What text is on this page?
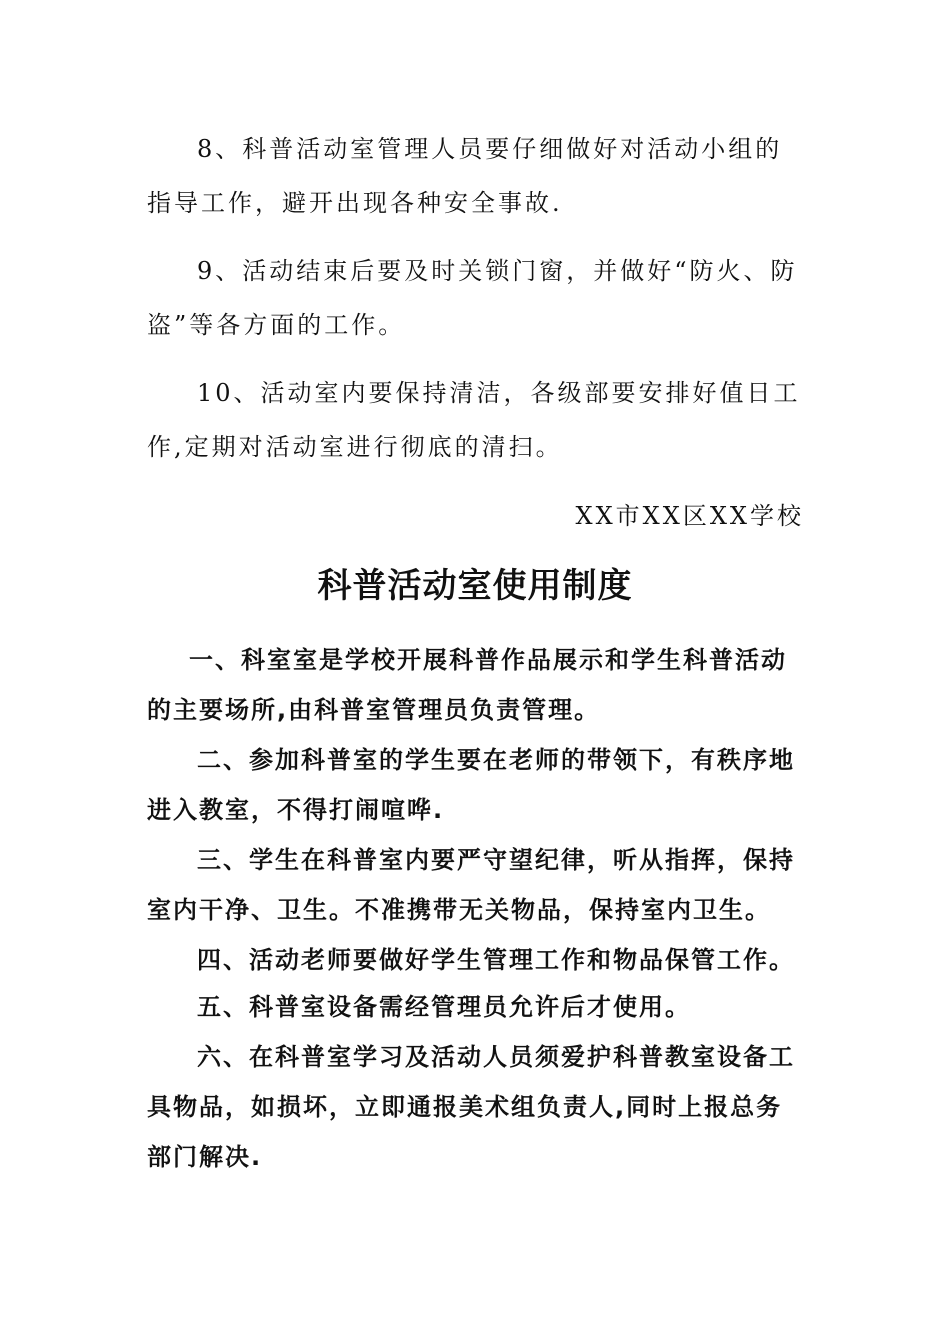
8、科普活动室管理人员要仔细做好对活动小组的指导工作，避开出现各种安全事故.

9、活动结束后要及时关锁门窗，并做好“防火、防盗”等各方面的工作。

10、活动室内要保持清洁，各级部要安排好值日工作,定期对活动室进行彻底的清扫。

XX市XX区XX学校

科普活动室使用制度

一、科室室是学校开展科普作品展示和学生科普活动的主要场所,由科普室管理员负责管理。

二、参加科普室的学生要在老师的带领下，有秩序地进入教室，不得打闹喧哗.

三、学生在科普室内要严守望纪律，听从指挥，保持室内干净、卫生。不准携带无关物品，保持室内卫生。

四、活动老师要做好学生管理工作和物品保管工作。

五、科普室设备需经管理员允许后才使用。

六、在科普室学习及活动人员须爱护科普教室设备工具物品，如损坏，立即通报美术组负责人,同时上报总务部门解决.
